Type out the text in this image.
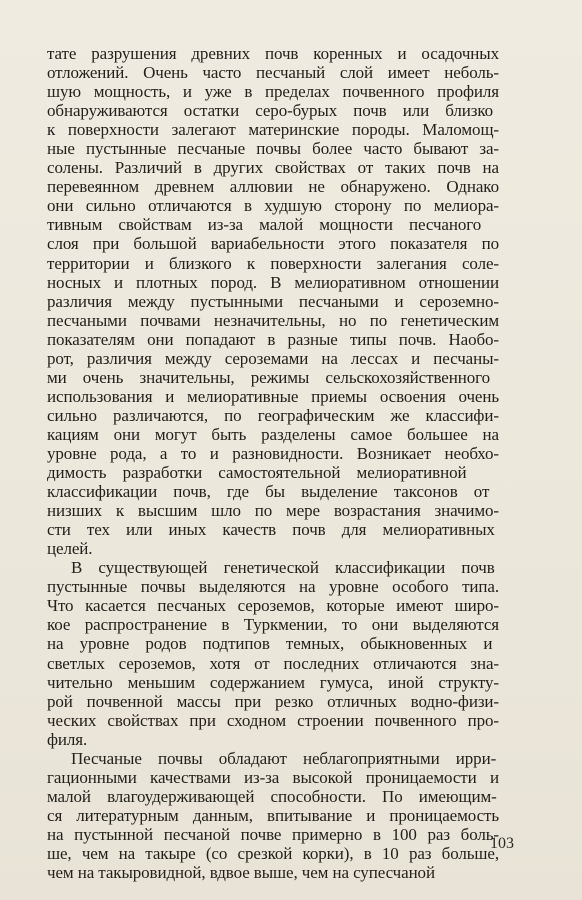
тате разрушения древних почв коренных и осадочных
отложений. Очень часто песчаный слой имеет неболь-
шую мощность, и уже в пределах почвенного профиля
обнаруживаются остатки серо-бурых почв или близко
к поверхности залегают материнские породы. Маломощ-
ные пустынные песчаные почвы более часто бывают за-
солены. Различий в других свойствах от таких почв на
перевеянном древнем аллювии не обнаружено. Однако
они сильно отличаются в худшую сторону по мелиора-
тивным свойствам из-за малой мощности песчаного
слоя при большой вариабельности этого показателя по
территории и близкого к поверхности залегания соле-
носных и плотных пород. В мелиоративном отношении
различия между пустынными песчаными и сероземно-
песчаными почвами незначительны, но по генетическим
показателям они попадают в разные типы почв. Наобо-
рот, различия между сероземами на лессах и песчаны-
ми очень значительны, режимы сельскохозяйственного
использования и мелиоративные приемы освоения очень
сильно различаются, по географическим же классифи-
кациям они могут быть разделены самое большее на
уровне рода, а то и разновидности. Возникает необхо-
димость разработки самостоятельной мелиоративной
классификации почв, где бы выделение таксонов от
низших к высшим шло по мере возрастания значимо-
сти тех или иных качеств почв для мелиоративных
целей.
В существующей генетической классификации почв
пустынные почвы выделяются на уровне особого типа.
Что касается песчаных сероземов, которые имеют широ-
кое распространение в Туркмении, то они выделяются
на уровне родов подтипов темных, обыкновенных и
светлых сероземов, хотя от последних отличаются зна-
чительно меньшим содержанием гумуса, иной структу-
рой почвенной массы при резко отличных водно-физи-
ческих свойствах при сходном строении почвенного про-
филя.
Песчаные почвы обладают неблагоприятными ирри-
гационными качествами из-за высокой проницаемости и
малой влагоудерживающей способности. По имеющим-
ся литературным данным, впитывание и проницаемость
на пустынной песчаной почве примерно в 100 раз боль-
ше, чем на такыре (со срезкой корки), в 10 раз больше,
чем на такыровидной, вдвое выше, чем на супесчаной
103
